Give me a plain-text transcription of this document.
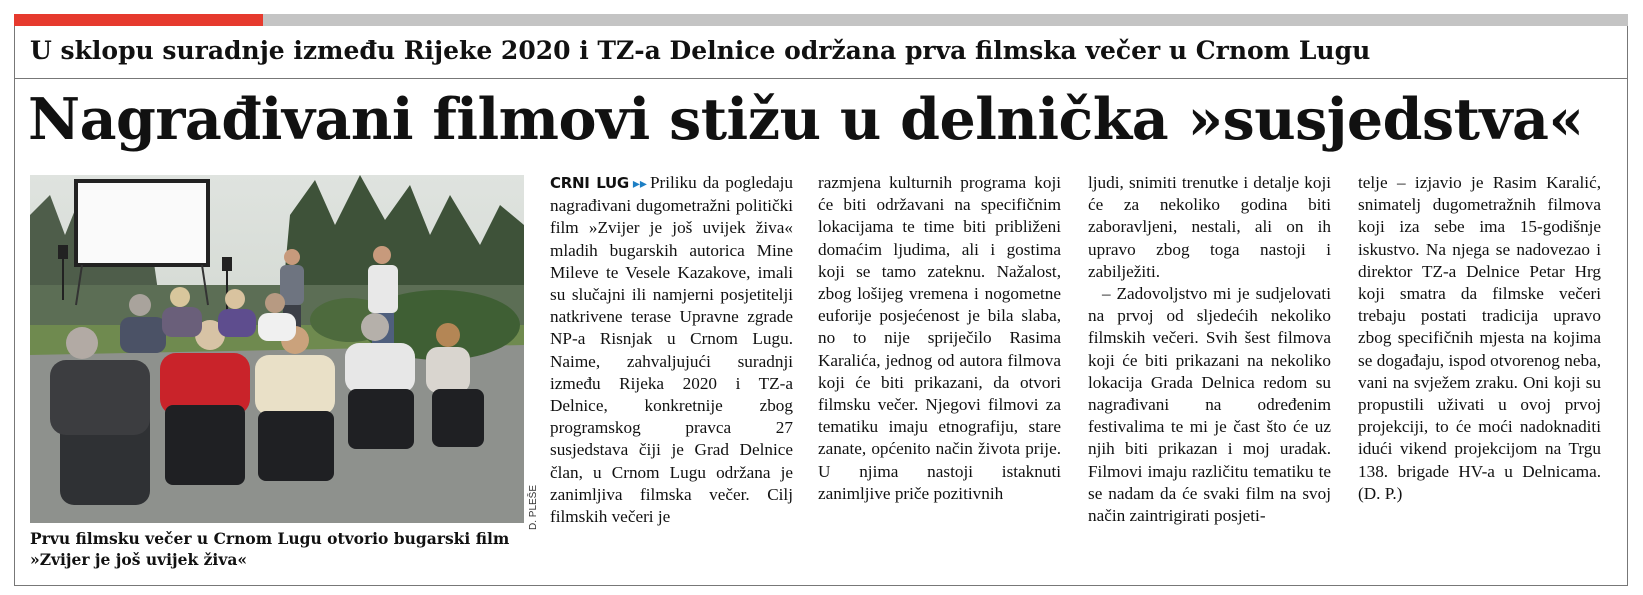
U sklopu suradnje između Rijeke 2020 i TZ-a Delnice održana prva filmska večer u Crnom Lugu
Nagrađivani filmovi stižu u delnička »susjedstva«
D. PLEŠE
Prvu filmsku večer u Crnom Lugu otvorio bugarski film »Zvijer je još uvijek živa«

CRNI LUG ▸▸ Priliku da pogledaju nagrađivani dugometražni politički film »Zvijer je još uvijek živa« mladih bugarskih autorica Mine Mileve te Vesele Kazakove, imali su slučajni ili namjerni posjetitelji natkrivene terase Upravne zgrade NP-a Risnjak u Crnom Lugu. Naime, zahvaljujući suradnji između Rijeka 2020 i TZ-a Delnice, konkretnije zbog programskog pravca 27 susjedstava čiji je Grad Delnice član, u Crnom Lugu održana je zanimljiva filmska večer. Cilj filmskih večeri je

razmjena kulturnih programa koji će biti održavani na specifičnim lokacijama te time biti približeni domaćim ljudima, ali i gostima koji se tamo zateknu. Nažalost, zbog lošijeg vremena i nogometne euforije posjećenost je bila slaba, no to nije spriječilo Rasima Karalića, jednog od autora filmova koji će biti prikazani, da otvori filmsku večer. Njegovi filmovi za tematiku imaju etnografiju, stare zanate, općenito način života prije. U njima nastoji istaknuti zanimljive priče pozitivnih

ljudi, snimiti trenutke i detalje koji će za nekoliko godina biti zaboravljeni, nestali, ali on ih upravo zbog toga nastoji i zabilježiti.

– Zadovoljstvo mi je sudjelovati na prvoj od sljedećih nekoliko filmskih večeri. Svih šest filmova koji će biti prikazani na nekoliko lokacija Grada Delnica redom su nagrađivani na određenim festivalima te mi je čast što će uz njih biti prikazan i moj uradak. Filmovi imaju različitu tematiku te se nadam da će svaki film na svoj način zaintrigirati posjeti-

telje – izjavio je Rasim Karalić, snimatelj dugometražnih filmova koji iza sebe ima 15-godišnje iskustvo. Na njega se nadovezao i direktor TZ-a Delnice Petar Hrg koji smatra da filmske večeri trebaju postati tradicija upravo zbog specifičnih mjesta na kojima se događaju, ispod otvorenog neba, vani na svježem zraku. Oni koji su propustili uživati u ovoj prvoj projekciji, to će moći nadoknaditi idući vikend projekcijom na Trgu 138. brigade HV-a u Delnicama. (D. P.)
